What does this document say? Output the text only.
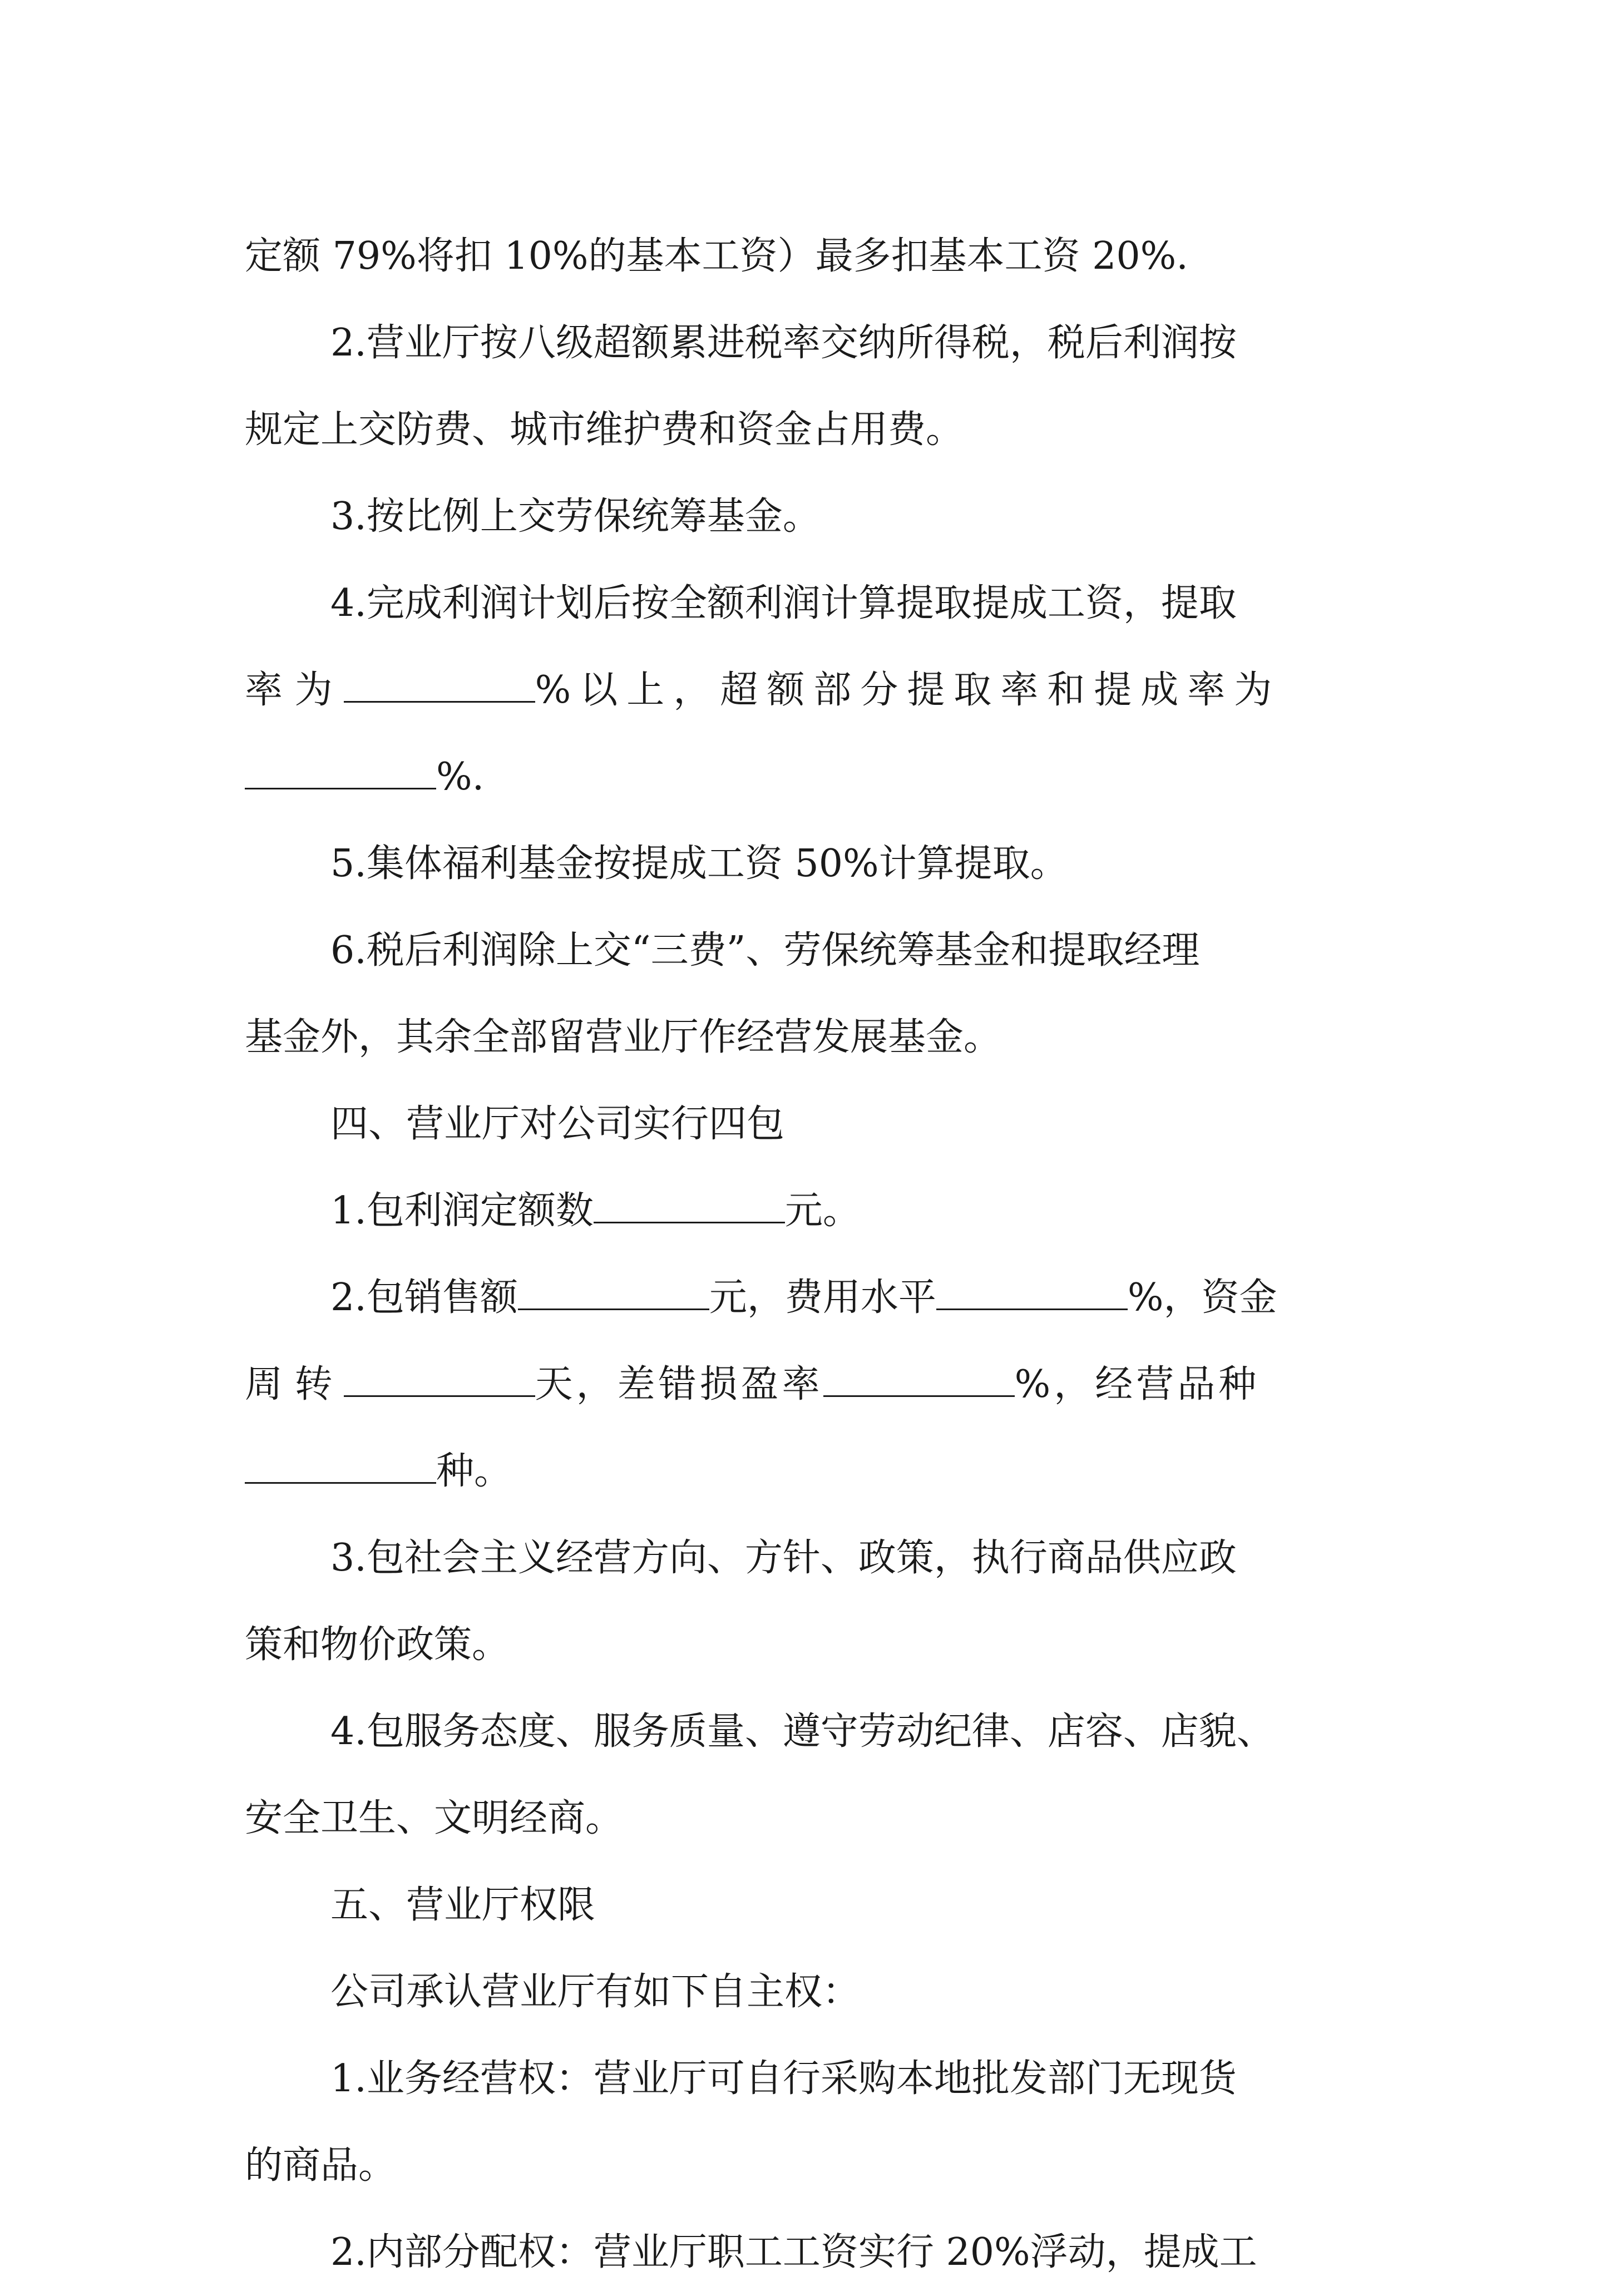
定额 79%将扣 10%的基本工资）最多扣基本工资 20%.
2.营业厅按八级超额累进税率交纳所得税，税后利润按
规定上交防费、城市维护费和资金占用费。
3.按比例上交劳保统筹基金。
4.完成利润计划后按全额利润计算提取提成工资，提取
率 为	%以上，超额部分提取率和提成率为
%.
5.集体福利基金按提成工资 50%计算提取。
6.税后利润除上交“三费”、劳保统筹基金和提取经理
基金外，其余全部留营业厅作经营发展基金。
四、营业厅对公司实行四包
1.包利润定额数	元。
2.包销售额	元，费用水平	%，资金
周 转	天，差错损盈率	%，经营品种
种。
3.包社会主义经营方向、方针、政策，执行商品供应政
策和物价政策。
4.包服务态度、服务质量、遵守劳动纪律、店容、店貌、
安全卫生、文明经商。
五、营业厅权限
公司承认营业厅有如下自主权：
1.业务经营权：营业厅可自行采购本地批发部门无现货
的商品。
2.内部分配权：营业厅职工工资实行 20%浮动，提成工
